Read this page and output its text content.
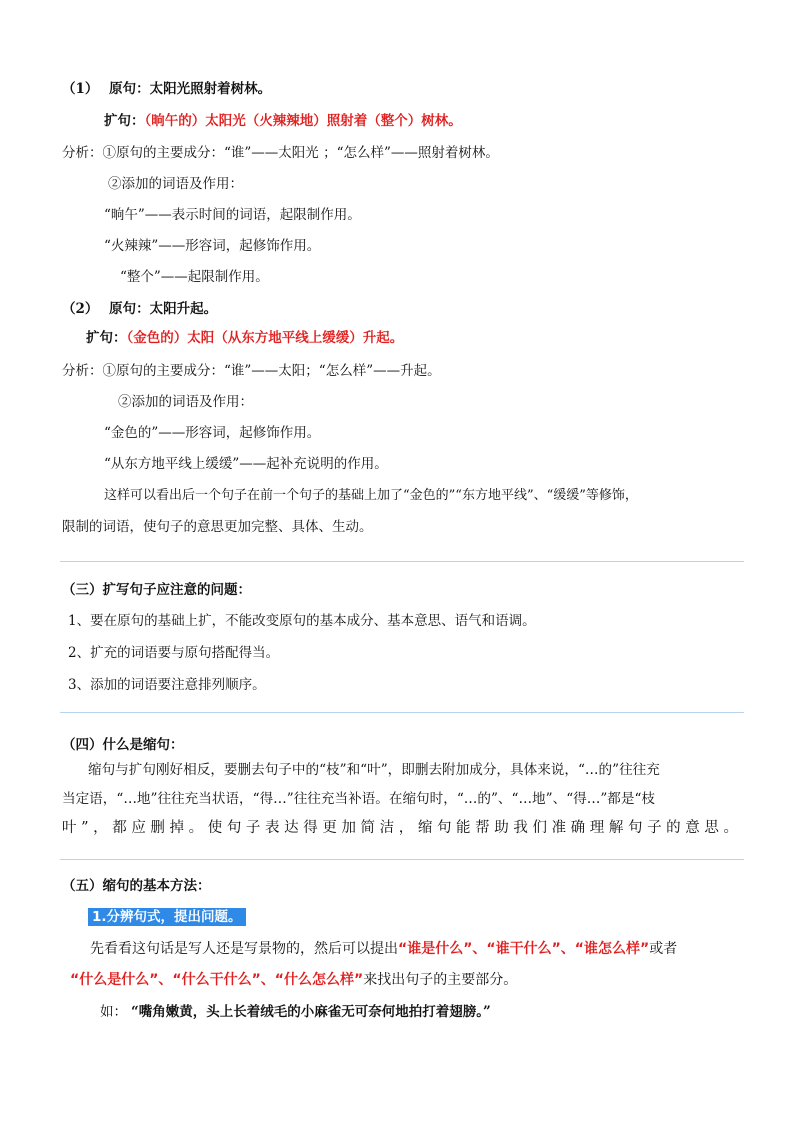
（1） 原句：太阳光照射着树林。
扩句：（晌午的）太阳光（火辣辣地）照射着（整个）树林。
分析：①原句的主要成分：“谁”——太阳光 ；“怎么样”——照射着树林。
②添加的词语及作用：
“晌午”——表示时间的词语，起限制作用。
“火辣辣”——形容词，起修饰作用。
“整个”——起限制作用。
（2） 原句：太阳升起。
扩句：（金色的）太阳（从东方地平线上缓缓）升起。
分析：①原句的主要成分：“谁”——太阳；“怎么样”——升起。
②添加的词语及作用：
“金色的”——形容词，起修饰作用。
“从东方地平线上缓缓”——起补充说明的作用。
这样可以看出后一个句子在前一个句子的基础上加了“金色的”“东方地平线”、“缓缓”等修饰，
限制的词语，使句子的意思更加完整、具体、生动。
（三）扩写句子应注意的问题：
1、要在原句的基础上扩，不能改变原句的基本成分、基本意思、语气和语调。
2、扩充的词语要与原句搭配得当。
3、添加的词语要注意排列顺序。
（四）什么是缩句：
缩句与扩句刚好相反，要删去句子中的“枝”和“叶”，即删去附加成分，具体来说，“…的”往往充
当定语，“…地”往往充当状语，“得…”往往充当补语。在缩句时，“…的”、“…地”、“得…”都是“枝
叶”，都应删掉。使句子表达得更加简洁，缩句能帮助我们准确理解句子的意思。
（五）缩句的基本方法：
1.分辨句式，提出问题。
先看看这句话是写人还是写景物的，然后可以提出“谁是什么”、“谁干什么”、“谁怎么样”或者
“什么是什么”、“什么干什么”、“什么怎么样”来找出句子的主要部分。
如： “嘴角嫩黄，头上长着绒毛的小麻雀无可奈何地拍打着翅膀。”
